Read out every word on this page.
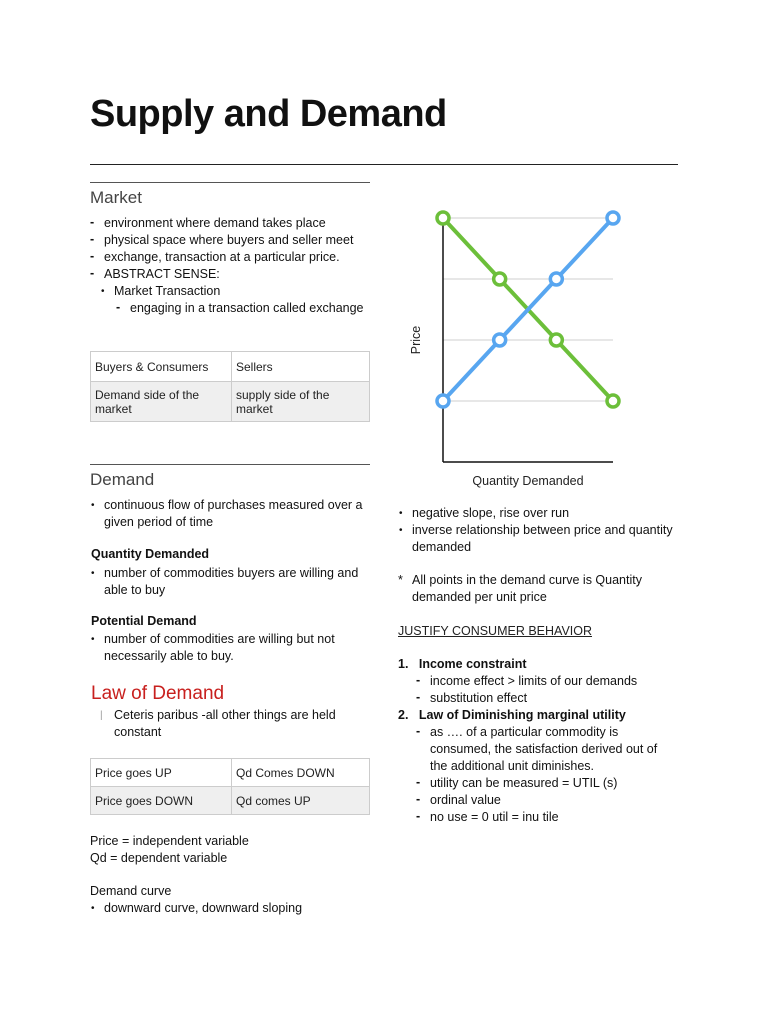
Supply and Demand
Market
- environment where demand takes place
- physical space where buyers and seller meet
- exchange, transaction at a particular price.
- ABSTRACT SENSE:
• Market Transaction
- engaging in a transaction called exchange
Buyers & Consumers	Sellers
Demand side of the market	supply side of the market
Demand
• continuous flow of purchases measured over a given period of time
Quantity Demanded
• number of commodities buyers are willing and able to buy
Potential Demand
• number of commodities are willing but not necessarily able to buy.
Law of Demand
| Ceteris paribus -all other things are held constant
Price goes UP	Qd Comes DOWN
Price goes DOWN	Qd comes UP
Price = independent variable
Qd = dependent variable
Demand curve
• downward curve, downward sloping
Price
Quantity Demanded
• negative slope, rise over run
• inverse relationship between price and quantity demanded
* All points in the demand curve is Quantity demanded per unit price
JUSTIFY CONSUMER BEHAVIOR
1. Income constraint
- income effect > limits of our demands
- substitution effect
2. Law of Diminishing marginal utility
- as …. of a particular commodity is consumed, the satisfaction derived out of the additional unit diminishes.
- utility can be measured = UTIL (s)
- ordinal value
- no use = 0 util = inu tile
